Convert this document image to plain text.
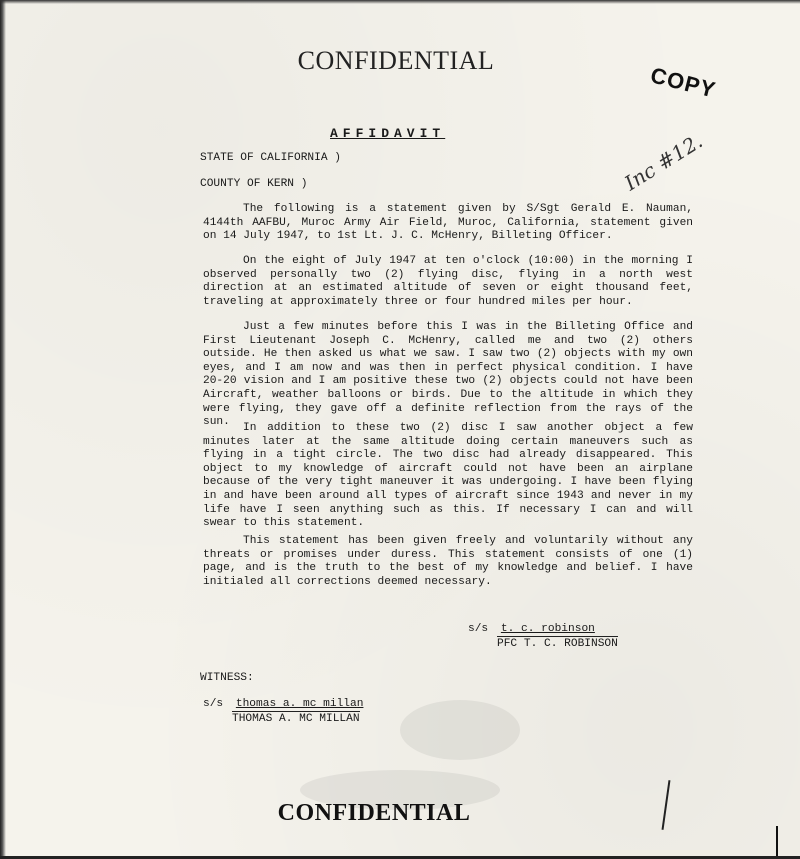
CONFIDENTIAL
COPY
Inc #12.
AFFIDAVIT
STATE OF CALIFORNIA )
COUNTY OF KERN )
The following is a statement given by S/Sgt Gerald E. Nauman, 4144th AAFBU, Muroc Army Air Field, Muroc, California, statement given on 14 July 1947, to 1st Lt. J. C. McHenry, Billeting Officer.
On the eight of July 1947 at ten o'clock (10:00) in the morning I observed personally two (2) flying disc, flying in a north west direction at an estimated altitude of seven or eight thousand feet, traveling at approximately three or four hundred miles per hour.
Just a few minutes before this I was in the Billeting Office and First Lieutenant Joseph C. McHenry, called me and two (2) others outside. He then asked us what we saw. I saw two (2) objects with my own eyes, and I am now and was then in perfect physical condition. I have 20-20 vision and I am positive these two (2) objects could not have been Aircraft, weather balloons or birds. Due to the altitude in which they were flying, they gave off a definite reflection from the rays of the sun.	In addition to these two (2) disc I saw another object a few minutes later at the same altitude doing certain maneuvers such as flying in a tight circle. The two disc had already disappeared. This object to my knowledge of aircraft could not have been an airplane because of the very tight maneuver it was undergoing. I have been flying in and have been around all types of aircraft since 1943 and never in my life have I seen anything such as this. If necessary I can and will swear to this statement.
This statement has been given freely and voluntarily without any threats or promises under duress. This statement consists of one (1) page, and is the truth to the best of my knowledge and belief. I have initialed all corrections deemed necessary.
s/s t. c. robinson
PFC T. C. ROBINSON
WITNESS:
s/s thomas a. mc millan
THOMAS A. MC MILLAN
CONFIDENTIAL
